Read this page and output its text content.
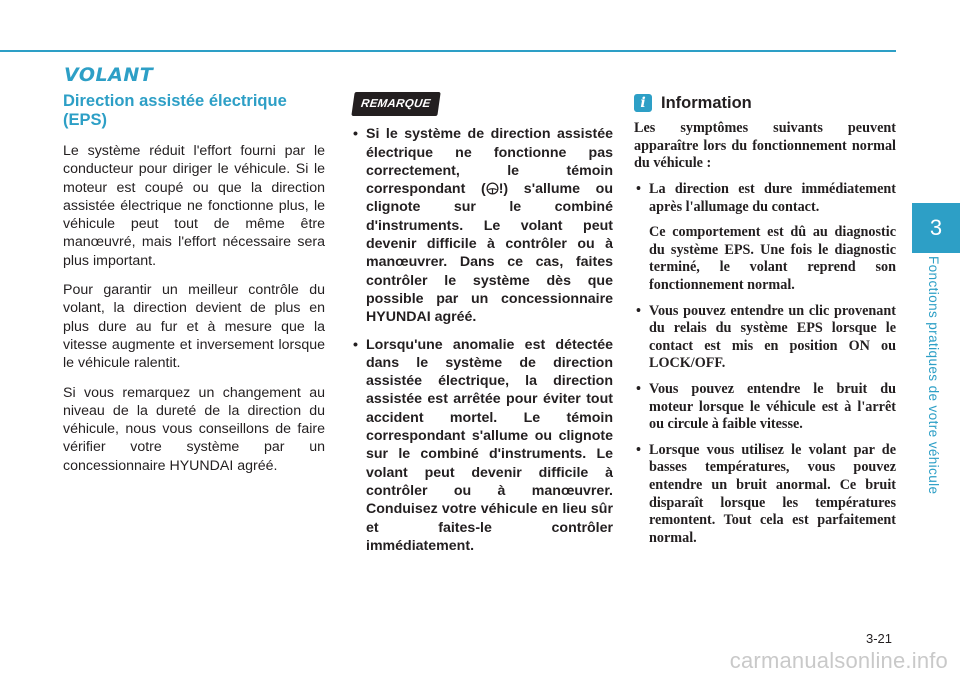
VOLANT
Direction assistée électrique (EPS)

Le système réduit l'effort fourni par le conducteur pour diriger le véhicule. Si le moteur est coupé ou que la direction assistée électrique ne fonctionne plus, le véhicule peut tout de même être manœuvré, mais l'effort nécessaire sera plus important.

Pour garantir un meilleur contrôle du volant, la direction devient de plus en plus dure au fur et à mesure que la vitesse augmente et inversement lorsque le véhicule ralentit.

Si vous remarquez un changement au niveau de la dureté de la direction du véhicule, nous vous conseillons de faire vérifier votre système par un concessionnaire HYUNDAI agréé.

REMARQUE
• Si le système de direction assistée électrique ne fonctionne pas correctement, le témoin correspondant ( !) s'allume ou clignote sur le combiné d'instruments. Le volant peut devenir difficile à contrôler ou à manœuvrer. Dans ce cas, faites contrôler le système dès que possible par un concessionnaire HYUNDAI agréé.
• Lorsqu'une anomalie est détectée dans le système de direction assistée électrique, la direction assistée est arrêtée pour éviter tout accident mortel. Le témoin correspondant s'allume ou clignote sur le combiné d'instruments. Le volant peut devenir difficile à contrôler ou à manœuvrer. Conduisez votre véhicule en lieu sûr et faites-le contrôler immédiatement.
i Information

Les symptômes suivants peuvent apparaître lors du fonctionnement normal du véhicule :

• La direction est dure immédiatement après l'allumage du contact.
Ce comportement est dû au diagnostic du système EPS. Une fois le diagnostic terminé, le volant reprend son fonctionnement normal.
• Vous pouvez entendre un clic provenant du relais du système EPS lorsque le contact est mis en position ON ou LOCK/OFF.
• Vous pouvez entendre le bruit du moteur lorsque le véhicule est à l'arrêt ou circule à faible vitesse.
• Lorsque vous utilisez le volant par de basses températures, vous pouvez entendre un bruit anormal. Ce bruit disparaît lorsque les températures remontent. Tout cela est parfaitement normal.
3
Fonctions pratiques de votre véhicule
3-21
carmanualsonline.info
